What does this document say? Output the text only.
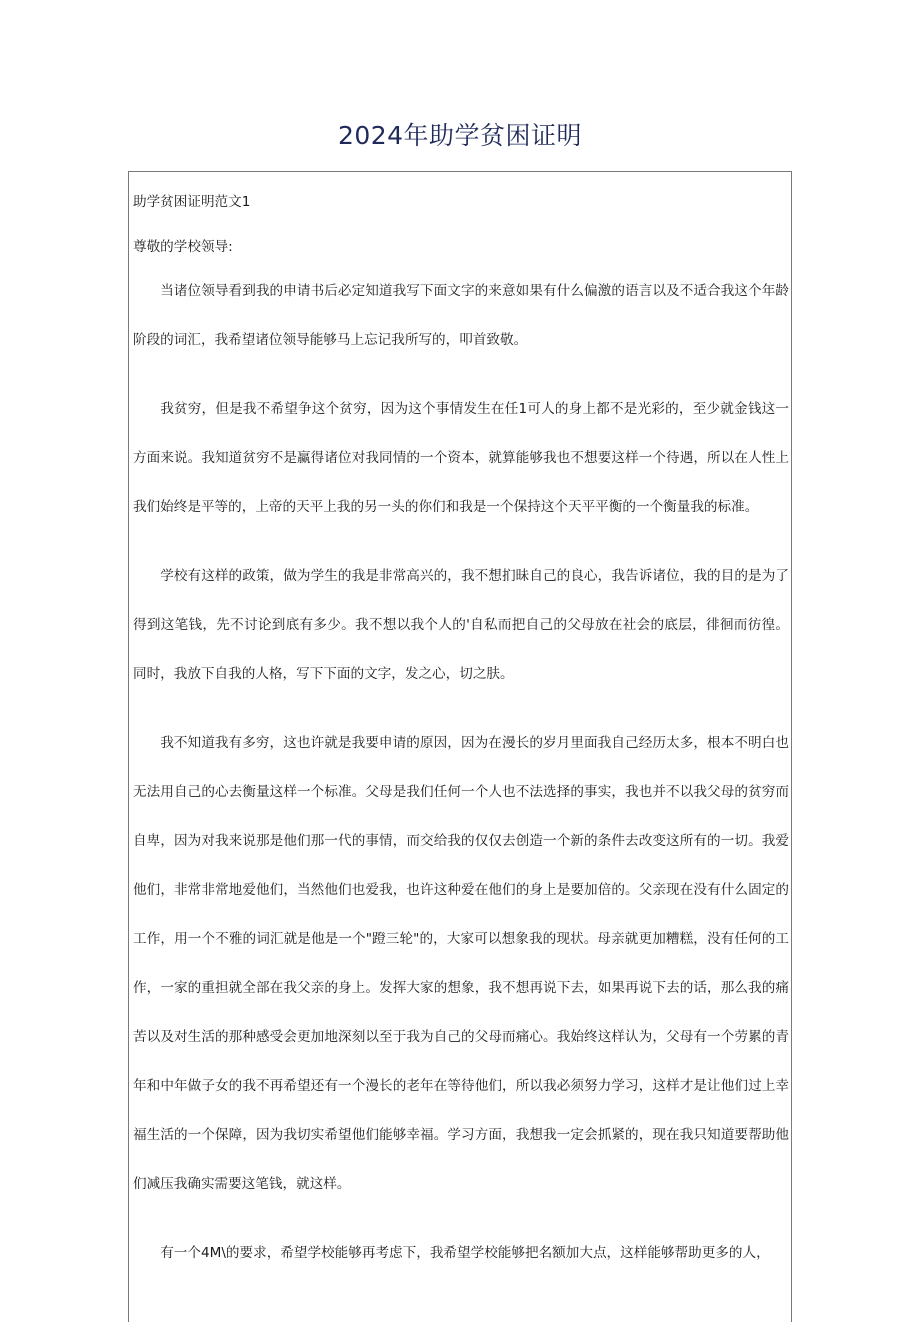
2024年助学贫困证明

助学贫困证明范文1

尊敬的学校领导:

当诸位领导看到我的申请书后必定知道我写下面文字的来意如果有什么偏激的语言以及不适合我这个年龄阶段的词汇，我希望诸位领导能够马上忘记我所写的，叩首致敬。

我贫穷，但是我不希望争这个贫穷，因为这个事情发生在任1可人的身上都不是光彩的，至少就金钱这一方面来说。我知道贫穷不是赢得诸位对我同情的一个资本，就算能够我也不想要这样一个待遇，所以在人性上我们始终是平等的，上帝的天平上我的另一头的你们和我是一个保持这个天平平衡的一个衡量我的标准。

学校有这样的政策，做为学生的我是非常高兴的，我不想扪昧自己的良心，我告诉诸位，我的目的是为了得到这笔钱，先不讨论到底有多少。我不想以我个人的'自私而把自己的父母放在社会的底层，徘徊而彷徨。同时，我放下自我的人格，写下下面的文字，发之心，切之肤。

我不知道我有多穷，这也许就是我要申请的原因，因为在漫长的岁月里面我自己经历太多，根本不明白也无法用自己的心去衡量这样一个标准。父母是我们任何一个人也不法选择的事实，我也并不以我父母的贫穷而自卑，因为对我来说那是他们那一代的事情，而交给我的仅仅去创造一个新的条件去改变这所有的一切。我爱他们，非常非常地爱他们，当然他们也爱我，也许这种爱在他们的身上是要加倍的。父亲现在没有什么固定的工作，用一个不雅的词汇就是他是一个"蹬三轮"的，大家可以想象我的现状。母亲就更加糟糕，没有任何的工作，一家的重担就全部在我父亲的身上。发挥大家的想象，我不想再说下去，如果再说下去的话，那么我的痛苦以及对生活的那种感受会更加地深刻以至于我为自己的父母而痛心。我始终这样认为，父母有一个劳累的青年和中年做子女的我不再希望还有一个漫长的老年在等待他们，所以我必须努力学习，这样才是让他们过上幸福生活的一个保障，因为我切实希望他们能够幸福。学习方面，我想我一定会抓紧的，现在我只知道要帮助他们减压我确实需要这笔钱，就这样。

有一个4M\的要求，希望学校能够再考虑下，我希望学校能够把名额加大点，这样能够帮助更多的人，
